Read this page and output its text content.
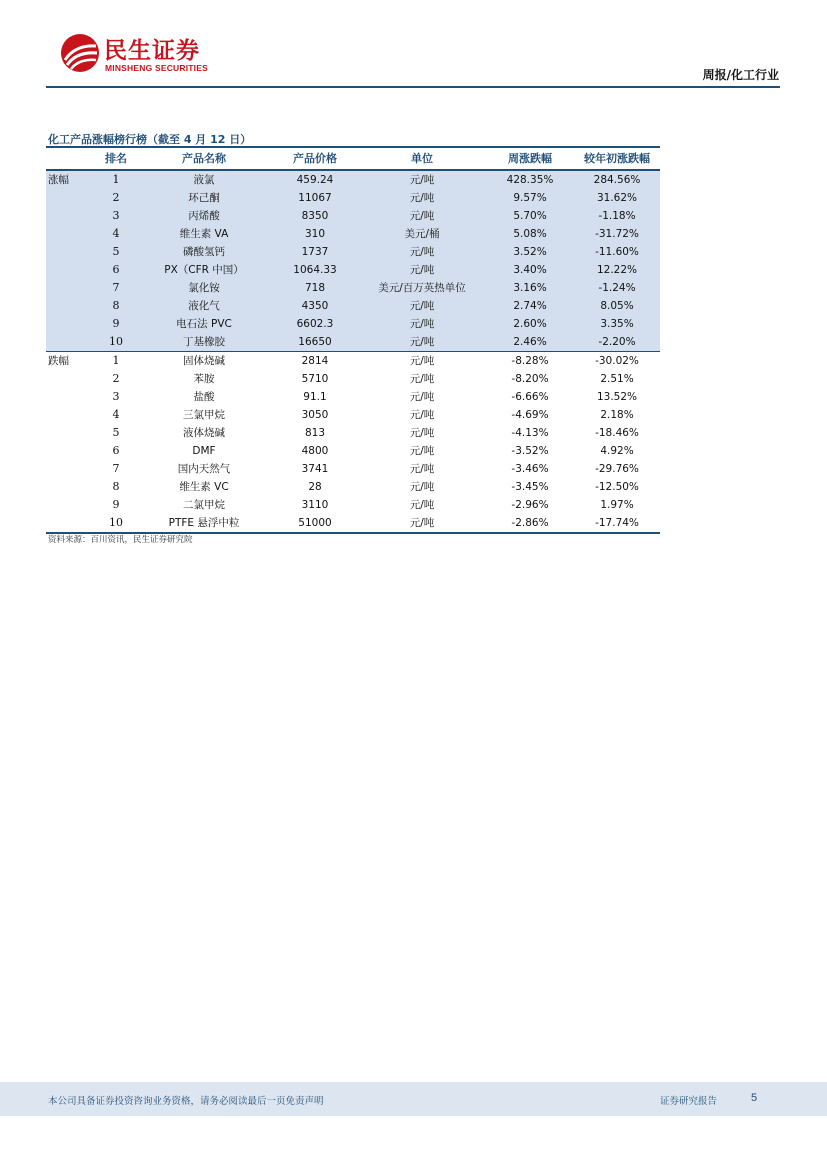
民生证券
MINSHENG SECURITIES	周报/化工行业
化工产品涨幅榜行榜（截至 4 月 12 日）
	排名	产品名称	产品价格	单位	周涨跌幅	较年初涨跌幅
涨幅	1	液氯	459.24	元/吨	428.35%	284.56%
	2	环己酮	11067	元/吨	9.57%	31.62%
	3	丙烯酸	8350	元/吨	5.70%	-1.18%
	4	维生素 VA	310	美元/桶	5.08%	-31.72%
	5	磷酸氢钙	1737	元/吨	3.52%	-11.60%
	6	PX（CFR 中国）	1064.33	元/吨	3.40%	12.22%
	7	氯化铵	718	美元/百万英热单位	3.16%	-1.24%
	8	液化气	4350	元/吨	2.74%	8.05%
	9	电石法 PVC	6602.3	元/吨	2.60%	3.35%
	10	丁基橡胶	16650	元/吨	2.46%	-2.20%
跌幅	1	固体烧碱	2814	元/吨	-8.28%	-30.02%
	2	苯胺	5710	元/吨	-8.20%	2.51%
	3	盐酸	91.1	元/吨	-6.66%	13.52%
	4	三氯甲烷	3050	元/吨	-4.69%	2.18%
	5	液体烧碱	813	元/吨	-4.13%	-18.46%
	6	DMF	4800	元/吨	-3.52%	4.92%
	7	国内天然气	3741	元/吨	-3.46%	-29.76%
	8	维生素 VC	28	元/吨	-3.45%	-12.50%
	9	二氯甲烷	3110	元/吨	-2.96%	1.97%
	10	PTFE 悬浮中粒	51000	元/吨	-2.86%	-17.74%
资料来源：百川资讯，民生证券研究院
本公司具备证券投资咨询业务资格，请务必阅读最后一页免责声明	证券研究报告	5
